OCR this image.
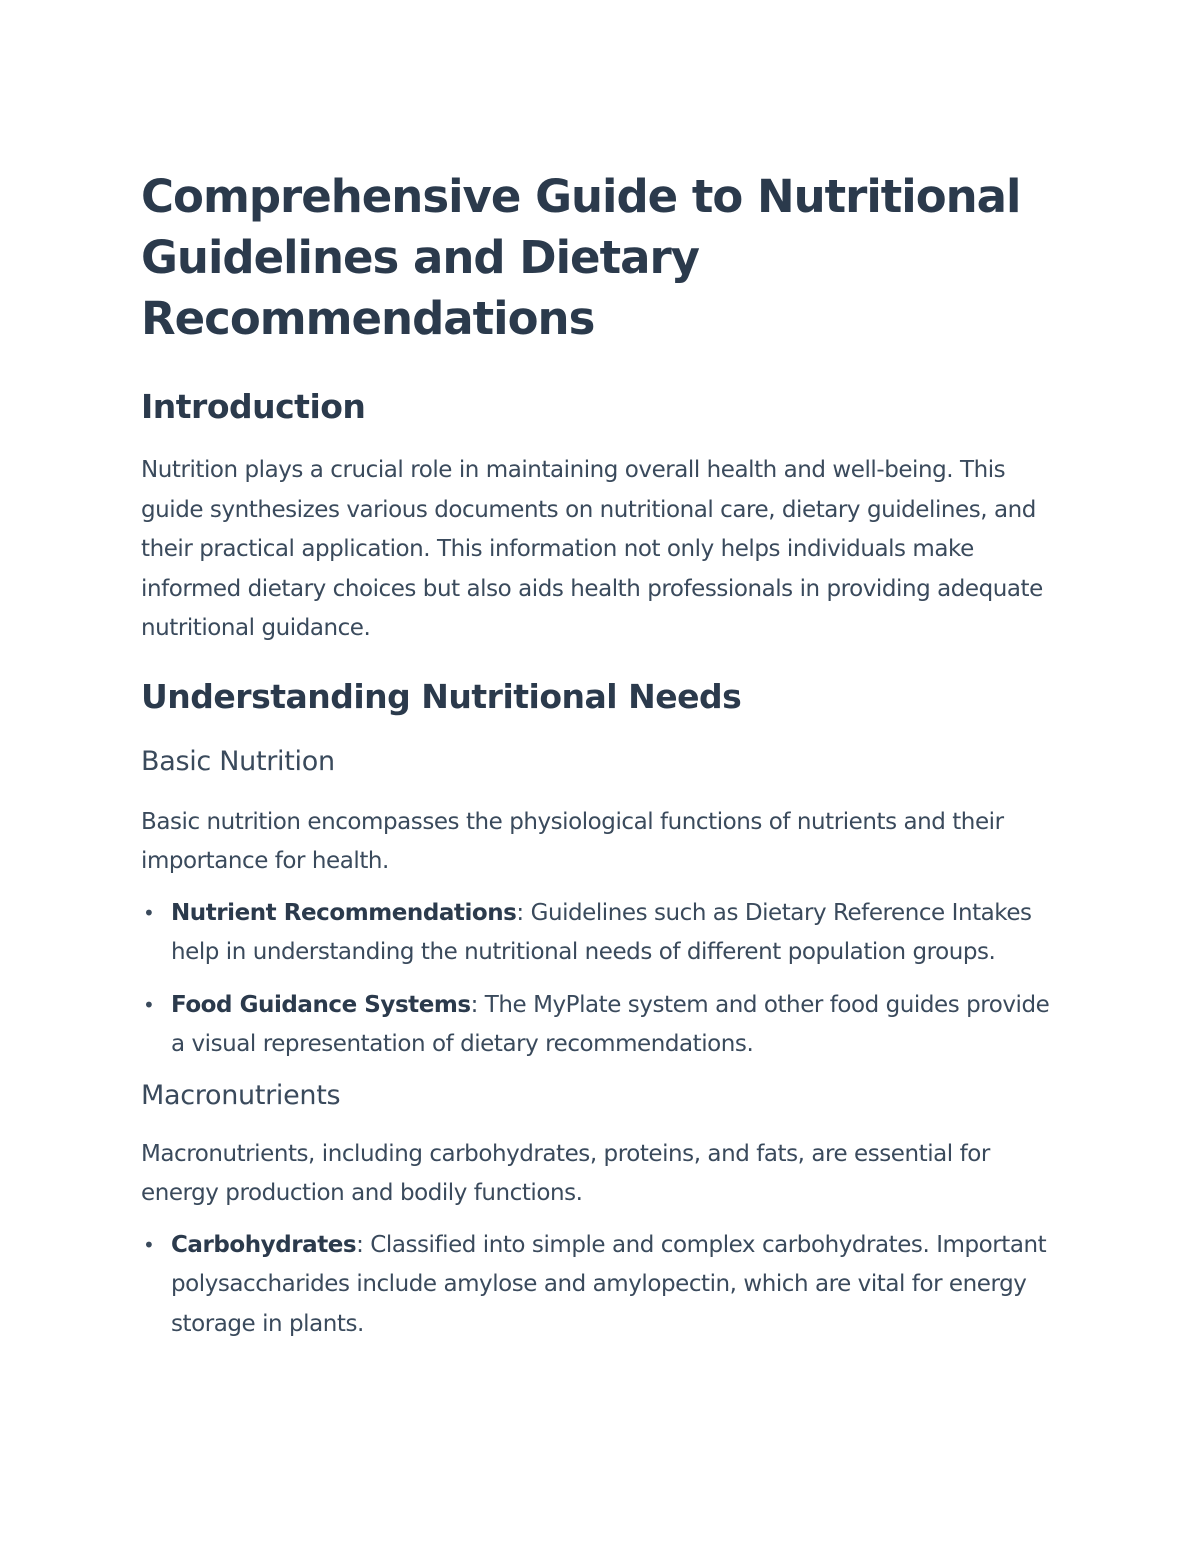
Comprehensive Guide to Nutritional Guidelines and Dietary Recommendations
Introduction

Nutrition plays a crucial role in maintaining overall health and well-being. This guide synthesizes various documents on nutritional care, dietary guidelines, and their practical application. This information not only helps individuals make informed dietary choices but also aids health professionals in providing adequate nutritional guidance.

Understanding Nutritional Needs
Basic Nutrition

Basic nutrition encompasses the physiological functions of nutrients and their importance for health.

• Nutrient Recommendations: Guidelines such as Dietary Reference Intakes help in understanding the nutritional needs of different population groups.
• Food Guidance Systems: The MyPlate system and other food guides provide a visual representation of dietary recommendations.
Macronutrients

Macronutrients, including carbohydrates, proteins, and fats, are essential for energy production and bodily functions.

• Carbohydrates: Classified into simple and complex carbohydrates. Important polysaccharides include amylose and amylopectin, which are vital for energy storage in plants.
